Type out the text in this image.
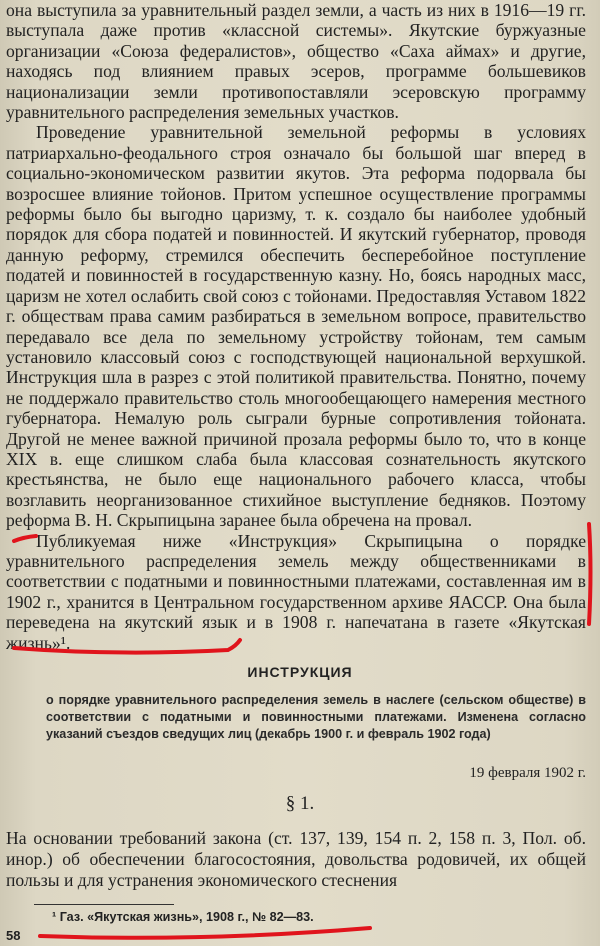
она выступила за уравнительный раздел земли, а часть из них в 1916—19 гг. выступала даже против «классной системы». Якутские буржуазные организации «Союза федералистов», общество «Саха аймах» и другие, находясь под влиянием правых эсеров, программе большевиков национализации земли противопоставляли эсеровскую программу уравнительного распределения земельных участков.

Проведение уравнительной земельной реформы в условиях патриархально-феодального строя означало бы большой шаг вперед в социально-экономическом развитии якутов. Эта реформа подорвала бы возросшее влияние тойонов. Притом успешное осуществление программы реформы было бы выгодно царизму, т. к. создало бы наиболее удобный порядок для сбора податей и повинностей. И якутский губернатор, проводя данную реформу, стремился обеспечить бесперебойное поступление податей и повинностей в государственную казну. Но, боясь народных масс, царизм не хотел ослабить свой союз с тойонами. Предоставляя Уставом 1822 г. обществам права самим разбираться в земельном вопросе, правительство передавало все дела по земельному устройству тойонам, тем самым установило классовый союз с господствующей национальной верхушкой. Инструкция шла в разрез с этой политикой правительства. Понятно, почему не поддержало правительство столь многообещающего намерения местного губернатора. Немалую роль сыграли бурные сопротивления тойоната. Другой не менее важной причиной прозала реформы было то, что в конце XIX в. еще слишком слаба была классовая сознательность якутского крестьянства, не было еще национального рабочего класса, чтобы возглавить неорганизованное стихийное выступление бедняков. Поэтому реформа В. Н. Скрыпицына заранее была обречена на провал.

Публикуемая ниже «Инструкция» Скрыпицына о порядке уравнительного распределения земель между общественниками в соответствии с податными и повинностными платежами, составленная им в 1902 г., хранится в Центральном государственном архиве ЯАССР. Она была переведена на якутский язык и в 1908 г. напечатана в газете «Якутская жизнь»¹.

ИНСТРУКЦИЯ
о порядке уравнительного распределения земель в наслеге (сельском обществе) в соответствии с податными и повинностными платежами. Изменена согласно указаний съездов сведущих лиц (декабрь 1900 г. и февраль 1902 года)
19 февраля 1902 г.
§ 1.
На основании требований закона (ст. 137, 139, 154 п. 2, 158 п. 3, Пол. об. инор.) об обеспечении благосостояния, довольства родовичей, их общей пользы и для устранения экономического стеснения
¹ Газ. «Якутская жизнь», 1908 г., № 82—83.
58
